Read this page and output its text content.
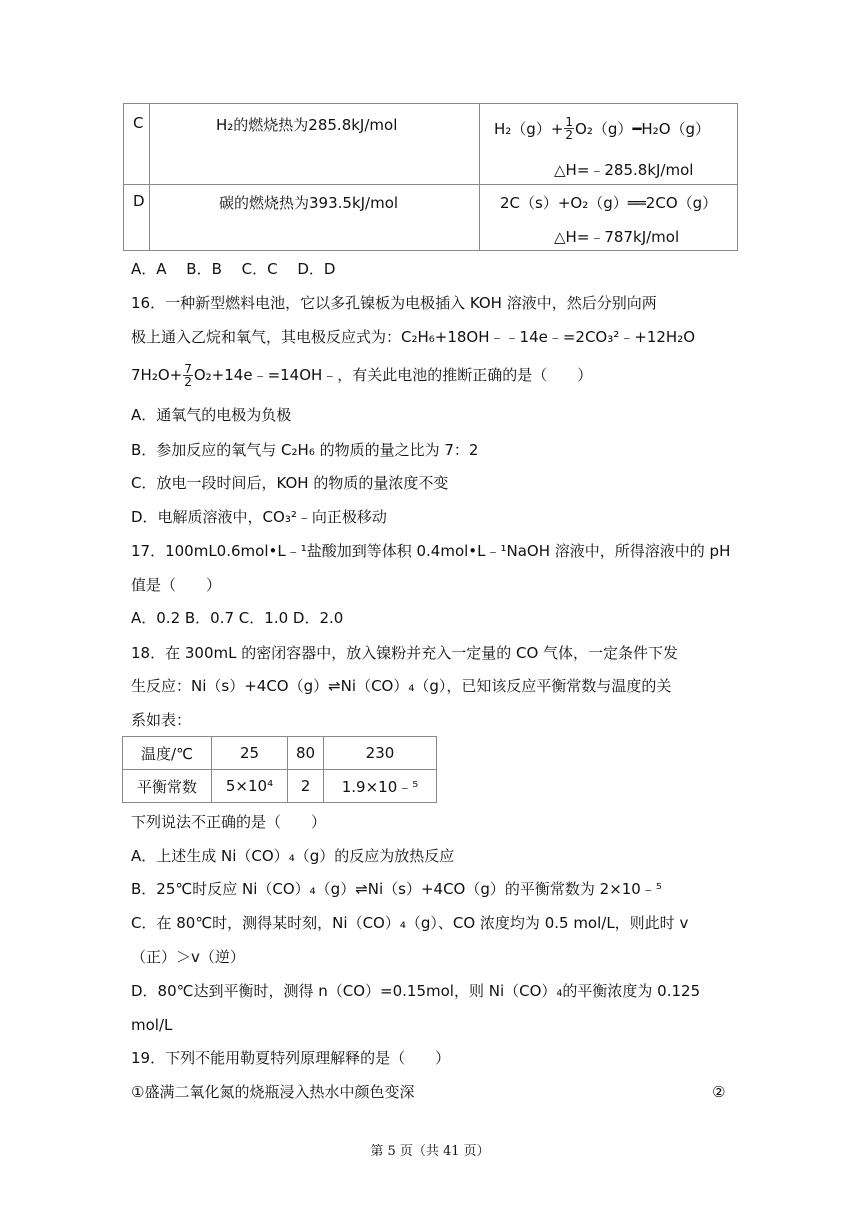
C	H₂的燃烧热为285.8kJ/mol	$H_2(g)+ \frac{1}{2}$ O₂（g）━H₂O（g）
△H=﹣285.8kJ/mol
D	碳的燃烧热为393.5kJ/mol	2C（s）+O₂（g）══2CO（g）
△H=﹣787kJ/mol
A．A　 B．B　 C．C　 D．D
16．一种新型燃料电池，它以多孔镍板为电极插入 KOH 溶液中，然后分别向两
极上通入乙烷和氧气，其电极反应式为：C₂H₆+18OH﹣﹣14e﹣=2CO₃²﹣+12H₂O
$7H_2O+ \frac{7}{2}$ O₂+14e﹣=14OH﹣，有关此电池的推断正确的是（　　）
A．通氧气的电极为负极
B．参加反应的氧气与 C₂H₆ 的物质的量之比为 7：2
C．放电一段时间后，KOH 的物质的量浓度不变
D．电解质溶液中，CO₃²﹣向正极移动
17．100mL0.6mol•L﹣¹盐酸加到等体积 0.4mol•L﹣¹NaOH 溶液中，所得溶液中的 pH
值是（　　）
A．0.2 B．0.7 C．1.0 D．2.0
18．在 300mL 的密闭容器中，放入镍粉并充入一定量的 CO 气体，一定条件下发
生反应：Ni（s）+4CO（g）⇌Ni（CO）₄（g），已知该反应平衡常数与温度的关
系如表：
温度/℃	25	80	230
平衡常数	5×10⁴	2	1.9×10﹣⁵
下列说法不正确的是（　　）
A．上述生成 Ni（CO）₄（g）的反应为放热反应
B．25℃时反应 Ni（CO）₄（g）⇌Ni（s）+4CO（g）的平衡常数为 2×10﹣⁵
C．在 80℃时，测得某时刻，Ni（CO）₄（g）、CO 浓度均为 0.5 mol/L，则此时 v
（正）＞v（逆）
D．80℃达到平衡时，测得 n（CO）=0.15mol，则 Ni（CO）₄的平衡浓度为 0.125
mol/L
19．下列不能用勒夏特列原理解释的是（　　）
①盛满二氧化氮的烧瓶浸入热水中颜色变深	②
第 5 页（共 41 页）
